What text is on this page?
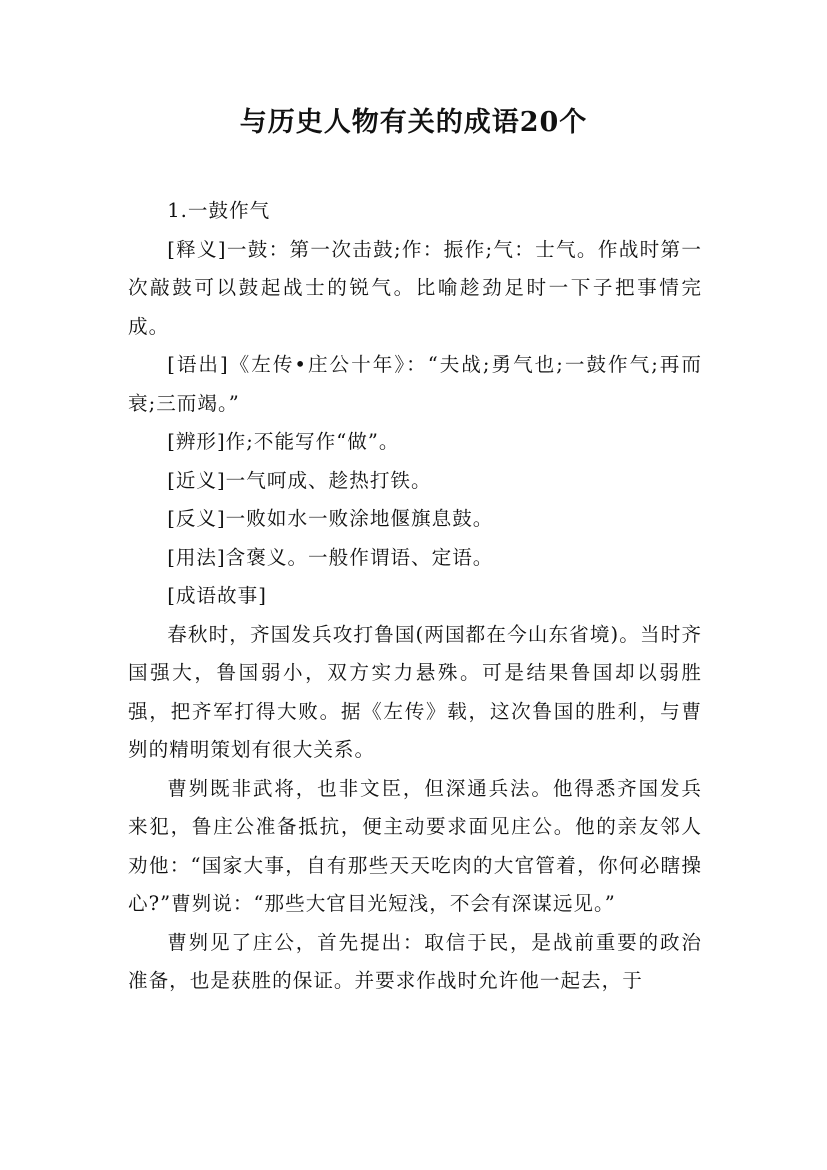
与历史人物有关的成语20个

1.一鼓作气

[释义]一鼓：第一次击鼓;作：振作;气：士气。作战时第一次敲鼓可以鼓起战士的锐气。比喻趁劲足时一下子把事情完成。

[语出]《左传•庄公十年》：“夫战;勇气也;一鼓作气;再而衰;三而竭。”

[辨形]作;不能写作“做”。

[近义]一气呵成、趁热打铁。

[反义]一败如水一败涂地偃旗息鼓。

[用法]含褒义。一般作谓语、定语。

[成语故事]

春秋时，齐国发兵攻打鲁国(两国都在今山东省境)。当时齐国强大，鲁国弱小，双方实力悬殊。可是结果鲁国却以弱胜强，把齐军打得大败。据《左传》载，这次鲁国的胜利，与曹刿的精明策划有很大关系。

曹刿既非武将，也非文臣，但深通兵法。他得悉齐国发兵来犯，鲁庄公准备抵抗，便主动要求面见庄公。他的亲友邻人劝他：“国家大事，自有那些天天吃肉的大官管着，你何必瞎操心?”曹刿说：“那些大官目光短浅，不会有深谋远见。”

曹刿见了庄公，首先提出：取信于民，是战前重要的政治准备，也是获胜的保证。并要求作战时允许他一起去，于
